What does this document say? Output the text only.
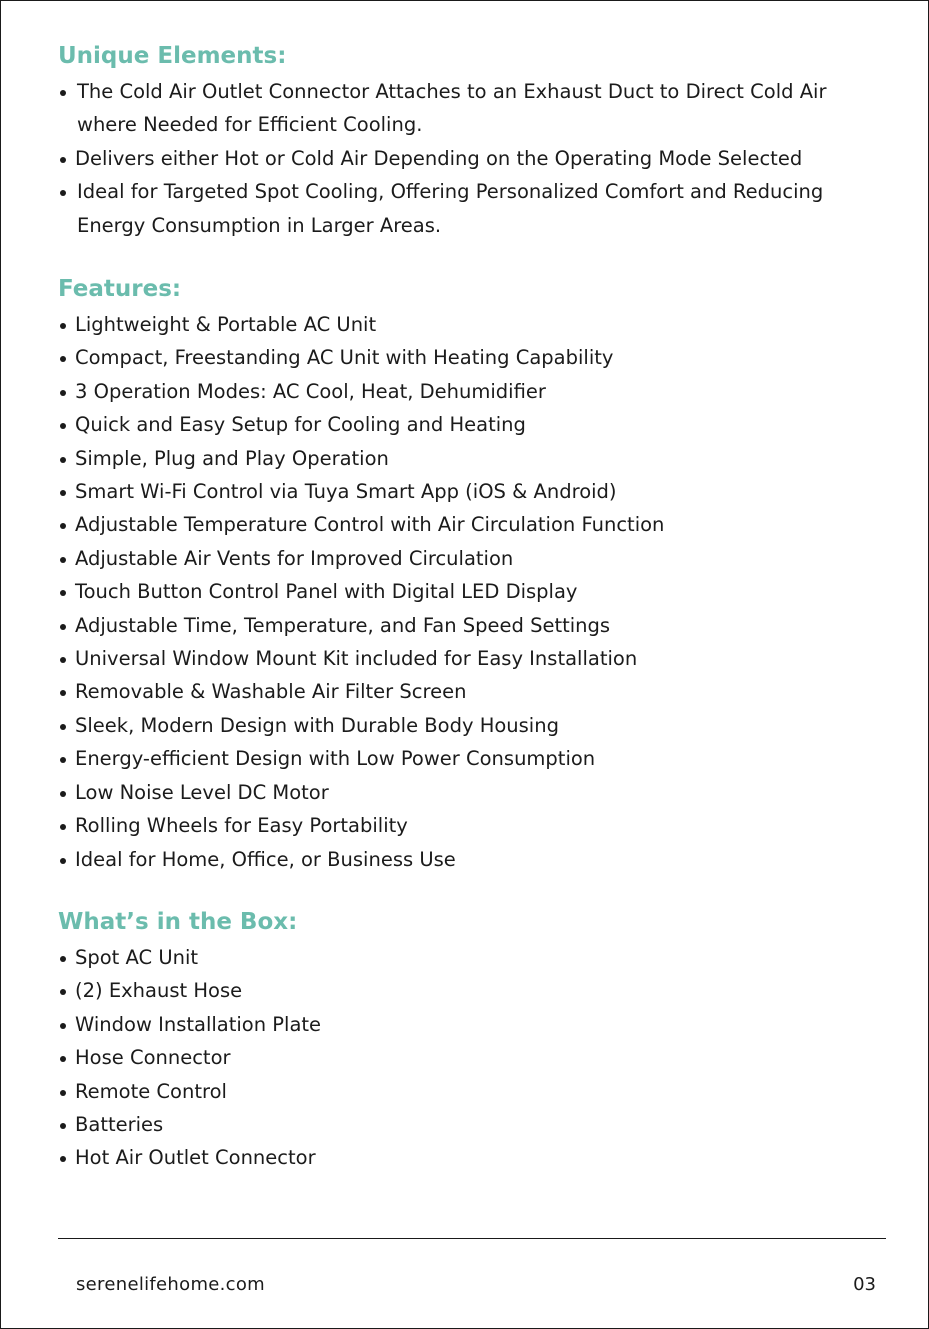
Unique Elements:
The Cold Air Outlet Connector Attaches to an Exhaust Duct to Direct Cold Air where Needed for Efficient Cooling.
Delivers either Hot or Cold Air Depending on the Operating Mode Selected
Ideal for Targeted Spot Cooling, Offering Personalized Comfort and Reducing Energy Consumption in Larger Areas.
Features:
Lightweight & Portable AC Unit
Compact, Freestanding AC Unit with Heating Capability
3 Operation Modes: AC Cool, Heat, Dehumidifier
Quick and Easy Setup for Cooling and Heating
Simple, Plug and Play Operation
Smart Wi-Fi Control via Tuya Smart App (iOS & Android)
Adjustable Temperature Control with Air Circulation Function
Adjustable Air Vents for Improved Circulation
Touch Button Control Panel with Digital LED Display
Adjustable Time, Temperature, and Fan Speed Settings
Universal Window Mount Kit included for Easy Installation
Removable & Washable Air Filter Screen
Sleek, Modern Design with Durable Body Housing
Energy-efficient Design with Low Power Consumption
Low Noise Level DC Motor
Rolling Wheels for Easy Portability
Ideal for Home, Office, or Business Use
What’s in the Box:
Spot AC Unit
(2) Exhaust Hose
Window Installation Plate
Hose Connector
Remote Control
Batteries
Hot Air Outlet Connector
serenelifehome.com	03
